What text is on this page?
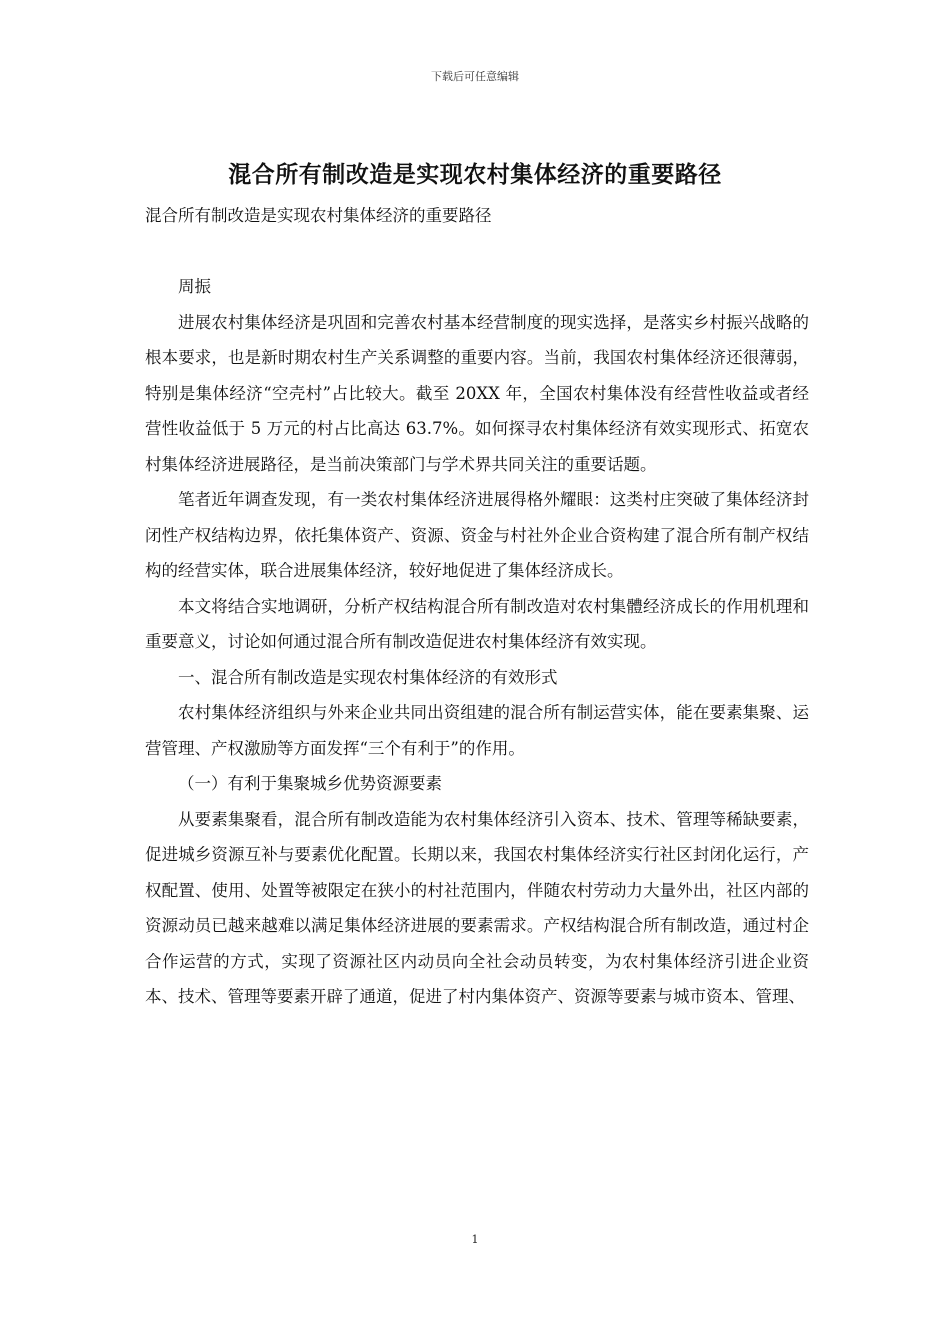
下载后可任意编辑
混合所有制改造是实现农村集体经济的重要路径

混合所有制改造是实现农村集体经济的重要路径

周振

进展农村集体经济是巩固和完善农村基本经营制度的现实选择，是落实乡村振兴战略的根本要求，也是新时期农村生产关系调整的重要内容。当前，我国农村集体经济还很薄弱，特别是集体经济“空壳村”占比较大。截至 20XX 年，全国农村集体没有经营性收益或者经营性收益低于 5 万元的村占比高达 63.7%。如何探寻农村集体经济有效实现形式、拓宽农村集体经济进展路径，是当前决策部门与学术界共同关注的重要话题。

笔者近年调查发现，有一类农村集体经济进展得格外耀眼：这类村庄突破了集体经济封闭性产权结构边界，依托集体资产、资源、资金与村社外企业合资构建了混合所有制产权结构的经营实体，联合进展集体经济，较好地促进了集体经济成长。

本文将结合实地调研，分析产权结构混合所有制改造对农村集體经济成长的作用机理和重要意义，讨论如何通过混合所有制改造促进农村集体经济有效实现。

一、混合所有制改造是实现农村集体经济的有效形式

农村集体经济组织与外来企业共同出资组建的混合所有制运营实体，能在要素集聚、运营管理、产权激励等方面发挥“三个有利于”的作用。

（一）有利于集聚城乡优势资源要素

从要素集聚看，混合所有制改造能为农村集体经济引入资本、技术、管理等稀缺要素，促进城乡资源互补与要素优化配置。长期以来，我国农村集体经济实行社区封闭化运行，产权配置、使用、处置等被限定在狭小的村社范围内，伴随农村劳动力大量外出，社区内部的资源动员已越来越难以满足集体经济进展的要素需求。产权结构混合所有制改造，通过村企合作运营的方式，实现了资源社区内动员向全社会动员转变，为农村集体经济引进企业资本、技术、管理等要素开辟了通道，促进了村内集体资产、资源等要素与城市资本、管理、

1
